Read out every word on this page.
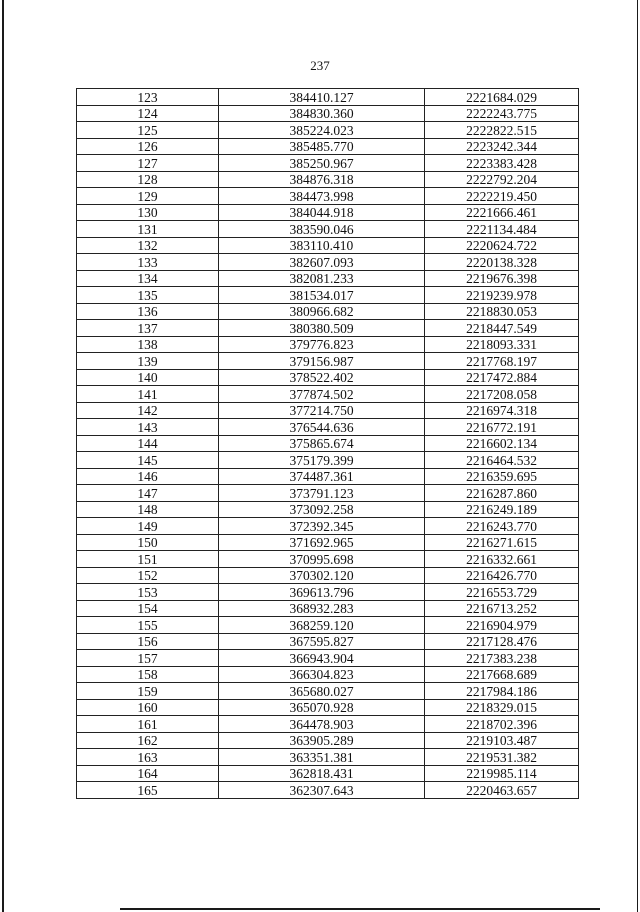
237
123	384410.127	2221684.029
124	384830.360	2222243.775
125	385224.023	2222822.515
126	385485.770	2223242.344
127	385250.967	2223383.428
128	384876.318	2222792.204
129	384473.998	2222219.450
130	384044.918	2221666.461
131	383590.046	2221134.484
132	383110.410	2220624.722
133	382607.093	2220138.328
134	382081.233	2219676.398
135	381534.017	2219239.978
136	380966.682	2218830.053
137	380380.509	2218447.549
138	379776.823	2218093.331
139	379156.987	2217768.197
140	378522.402	2217472.884
141	377874.502	2217208.058
142	377214.750	2216974.318
143	376544.636	2216772.191
144	375865.674	2216602.134
145	375179.399	2216464.532
146	374487.361	2216359.695
147	373791.123	2216287.860
148	373092.258	2216249.189
149	372392.345	2216243.770
150	371692.965	2216271.615
151	370995.698	2216332.661
152	370302.120	2216426.770
153	369613.796	2216553.729
154	368932.283	2216713.252
155	368259.120	2216904.979
156	367595.827	2217128.476
157	366943.904	2217383.238
158	366304.823	2217668.689
159	365680.027	2217984.186
160	365070.928	2218329.015
161	364478.903	2218702.396
162	363905.289	2219103.487
163	363351.381	2219531.382
164	362818.431	2219985.114
165	362307.643	2220463.657
